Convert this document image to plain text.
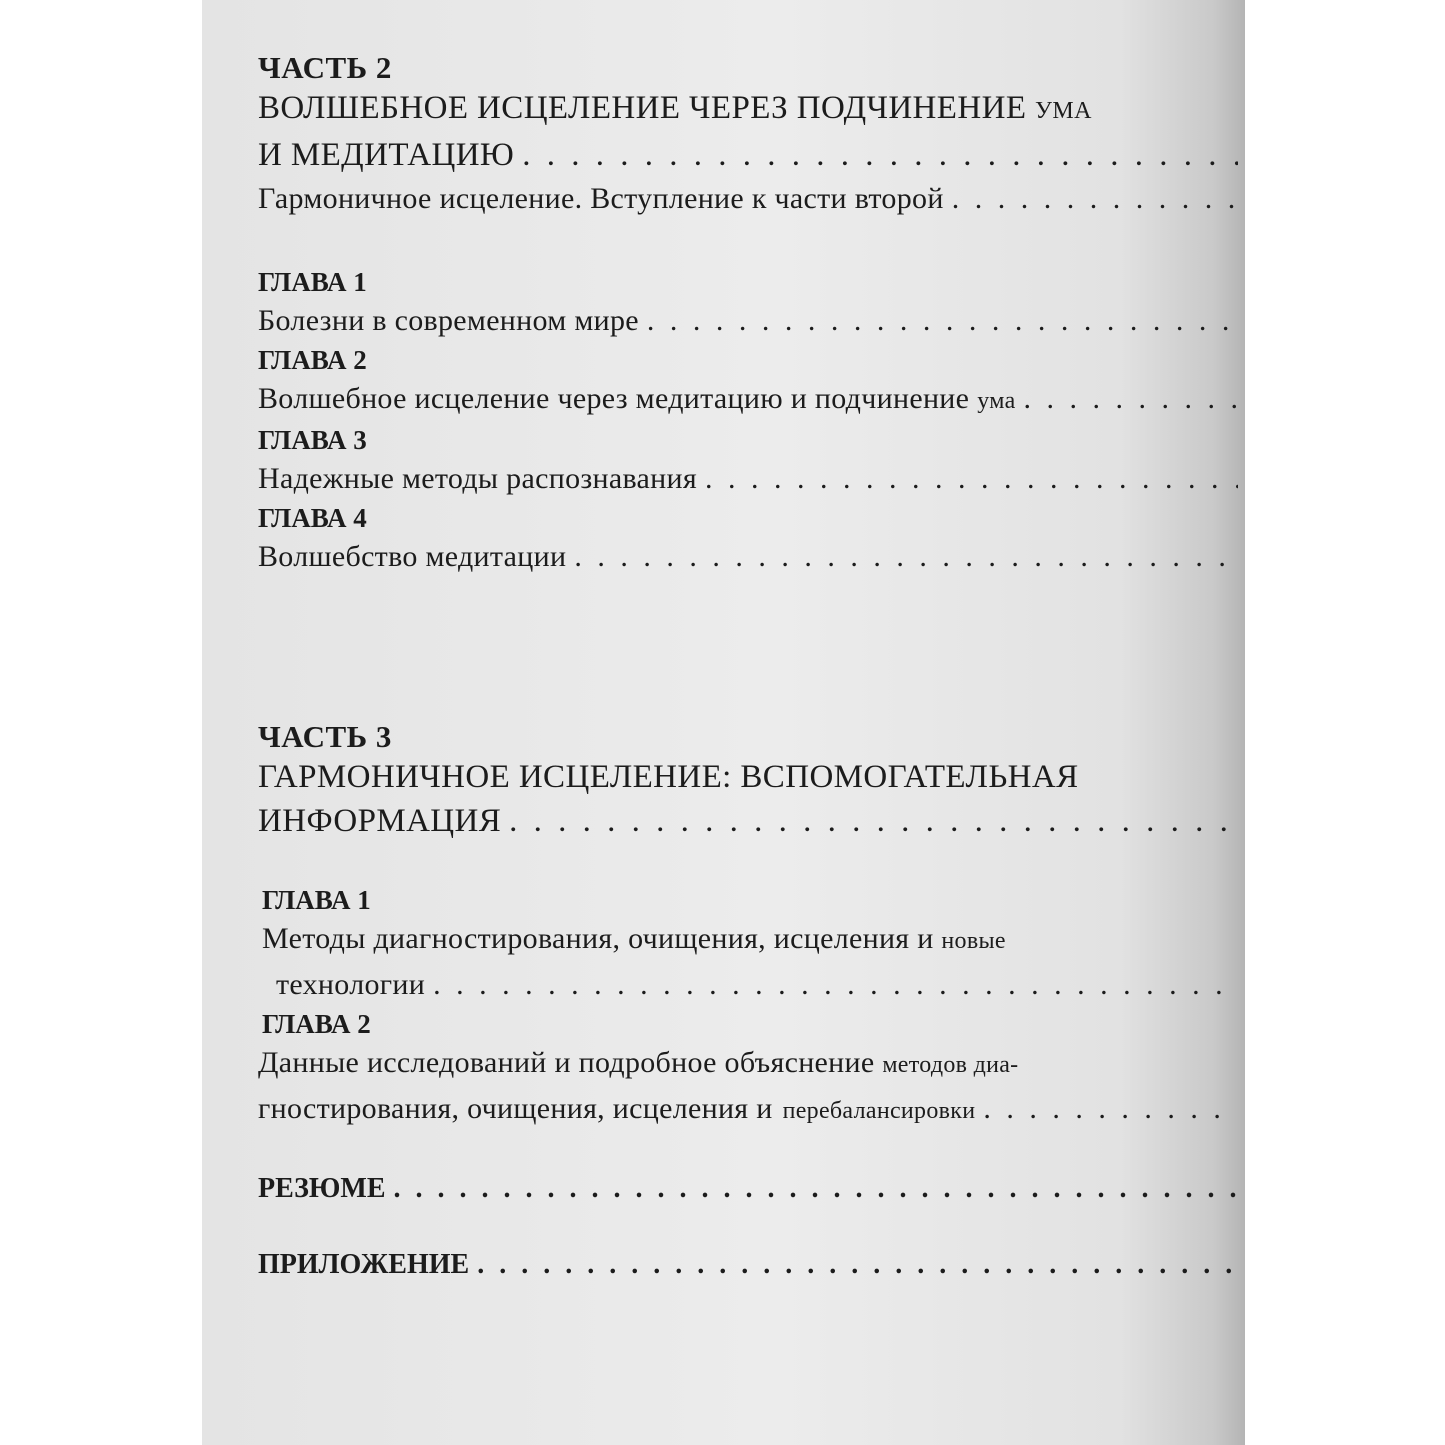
ЧАСТЬ 2
ВОЛШЕБНОЕ ИСЦЕЛЕНИЕ ЧЕРЕЗ ПОДЧИНЕНИЕ УМА
И МЕДИТАЦИЮ
. . .
Гармоничное исцеление. Вступление к части второй
. . .
ГЛАВА 1
Болезни в современном мире
. . .
ГЛАВА 2
Волшебное исцеление через медитацию и подчинение ума
. . .
ГЛАВА 3
Надежные методы распознавания
. . .
ГЛАВА 4
Волшебство медитации
. . .
ЧАСТЬ 3
ГАРМОНИЧНОЕ ИСЦЕЛЕНИЕ: ВСПОМОГАТЕЛЬНАЯ
ИНФОРМАЦИЯ
. . .
ГЛАВА 1
Методы диагностирования, очищения, исцеления и новые
технологии
. . .
ГЛАВА 2
Данные исследований и подробное объяснение методов диа-
гностирования, очищения, исцеления и перебалансировки
. . .
РЕЗЮМЕ
. . .
ПРИЛОЖЕНИЕ
. . .
